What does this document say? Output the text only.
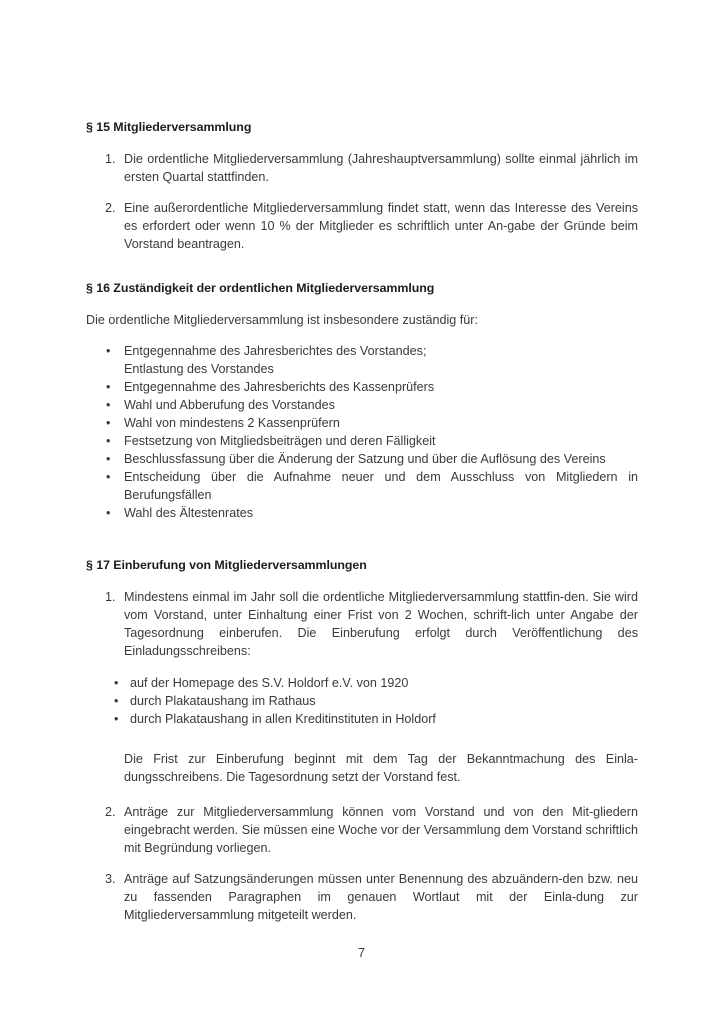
§ 15 Mitgliederversammlung
1. Die ordentliche Mitgliederversammlung (Jahreshauptversammlung) sollte einmal jährlich im ersten Quartal stattfinden.
2. Eine außerordentliche Mitgliederversammlung findet statt, wenn das Interesse des Vereins es erfordert oder wenn 10 % der Mitglieder es schriftlich unter An-gabe der Gründe beim Vorstand beantragen.
§ 16 Zuständigkeit der ordentlichen Mitgliederversammlung

Die ordentliche Mitgliederversammlung ist insbesondere zuständig für:

• Entgegennahme des Jahresberichtes des Vorstandes;
Entlastung des Vorstandes
• Entgegennahme des Jahresberichts des Kassenprüfers
• Wahl und Abberufung des Vorstandes
• Wahl von mindestens 2 Kassenprüfern
• Festsetzung von Mitgliedsbeiträgen und deren Fälligkeit
• Beschlussfassung über die Änderung der Satzung und über die Auflösung des Vereins
• Entscheidung über die Aufnahme neuer und dem Ausschluss von Mitgliedern in Berufungsfällen
• Wahl des Ältestenrates
§ 17 Einberufung von Mitgliederversammlungen
1. Mindestens einmal im Jahr soll die ordentliche Mitgliederversammlung stattfin-den. Sie wird vom Vorstand, unter Einhaltung einer Frist von 2 Wochen, schrift-lich unter Angabe der Tagesordnung einberufen. Die Einberufung erfolgt durch Veröffentlichung des Einladungsschreibens:
• auf der Homepage des S.V. Holdorf e.V. von 1920
• durch Plakataushang im Rathaus
• durch Plakataushang in allen Kreditinstituten in Holdorf

Die Frist zur Einberufung beginnt mit dem Tag der Bekanntmachung des Einla-dungsschreibens. Die Tagesordnung setzt der Vorstand fest.

2. Anträge zur Mitgliederversammlung können vom Vorstand und von den Mit-gliedern eingebracht werden. Sie müssen eine Woche vor der Versammlung dem Vorstand schriftlich mit Begründung vorliegen.
3. Anträge auf Satzungsänderungen müssen unter Benennung des abzuändern-den bzw. neu zu fassenden Paragraphen im genauen Wortlaut mit der Einla-dung zur Mitgliederversammlung mitgeteilt werden.
7
